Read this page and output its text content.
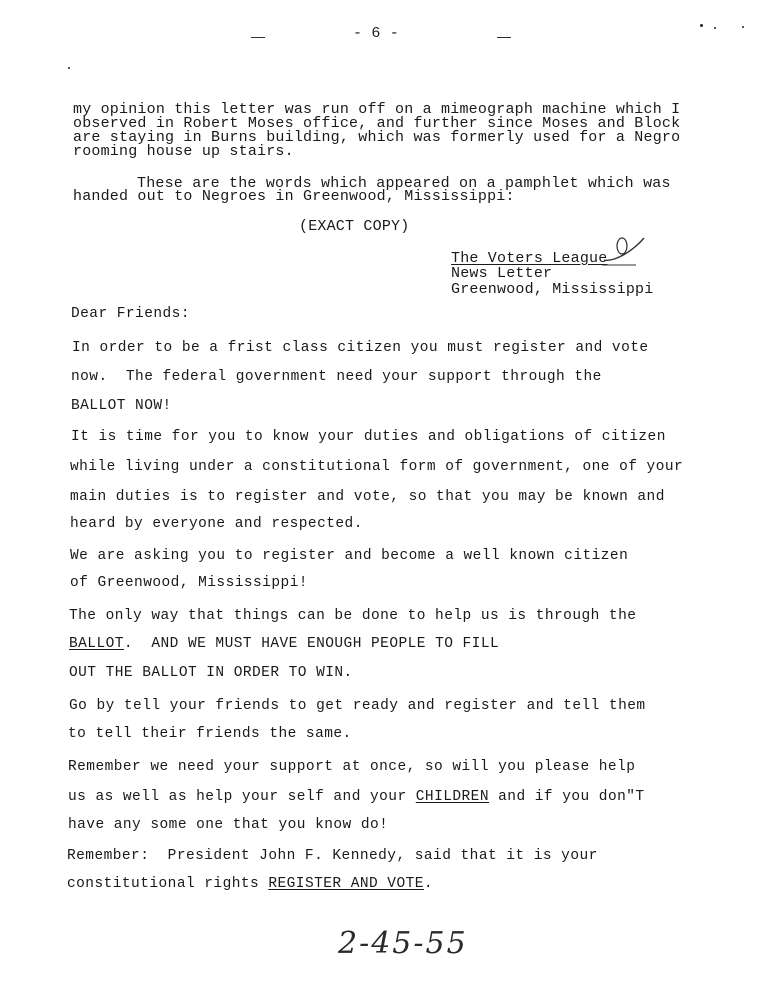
- 6 -
my opinion this letter was run off on a mimeograph machine which I
observed in Robert Moses office, and further since Moses and Block
are staying in Burns building, which was formerly used for a Negro
rooming house up stairs.
These are the words which appeared on a pamphlet which was
handed out to Negroes in Greenwood, Mississippi:
(EXACT COPY)
The Voters League
News Letter
Greenwood, Mississippi
Dear Friends:
In order to be a frist class citizen you must register and vote
now.  The federal government need your support through the
BALLOT NOW!
It is time for you to know your duties and obligations of citizen
while living under a constitutional form of government, one of your
main duties is to register and vote, so that you may be known and
heard by everyone and respected.
We are asking you to register and become a well known citizen
of Greenwood, Mississippi!
The only way that things can be done to help us is through the
BALLOT.  AND WE MUST HAVE ENOUGH PEOPLE TO FILL
OUT THE BALLOT IN ORDER TO WIN.
Go by tell your friends to get ready and register and tell them
to tell their friends the same.
Remember we need your support at once, so will you please help
us as well as help your self and your CHILDREN and if you don"T
have any some one that you know do!
Remember:  President John F. Kennedy, said that it is your
constitutional rights REGISTER AND VOTE.
2-45-55
